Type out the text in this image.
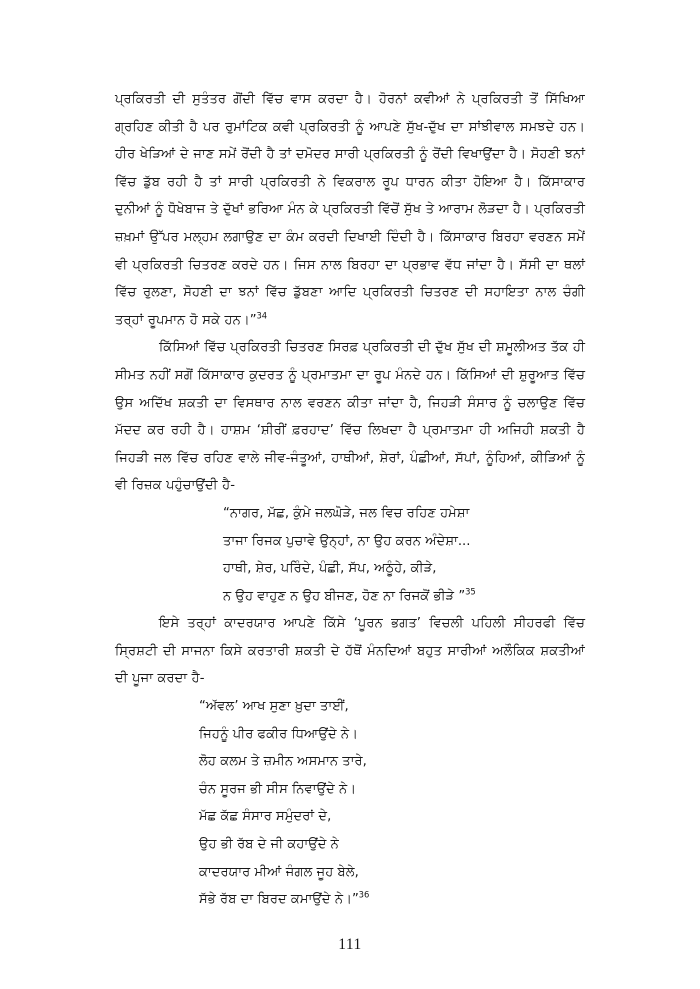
ਪ੍ਰਕਿਰਤੀ ਦੀ ਸੁਤੰਤਰ ਗੋਂਦੀ ਵਿੱਚ ਵਾਸ ਕਰਦਾ ਹੈ। ਹੋਰਨਾਂ ਕਵੀਆਂ ਨੇ ਪ੍ਰਕਿਰਤੀ ਤੋਂ ਸਿੱਖਿਆ ਗ੍ਰਹਿਣ ਕੀਤੀ ਹੈ ਪਰ ਰੁਮਾਂਟਿਕ ਕਵੀ ਪ੍ਰਕਿਰਤੀ ਨੂੰ ਆਪਣੇ ਸੁੱਖ-ਦੁੱਖ ਦਾ ਸਾਂਝੀਵਾਲ ਸਮਝਦੇ ਹਨ। ਹੀਰ ਖੇੜਿਆਂ ਦੇ ਜਾਣ ਸਮੇਂ ਰੋਂਦੀ ਹੈ ਤਾਂ ਦਮੋਦਰ ਸਾਰੀ ਪ੍ਰਕਿਰਤੀ ਨੂੰ ਰੋਂਦੀ ਵਿਖਾਉਂਦਾ ਹੈ। ਸੋਹਣੀ ਝਨਾਂ ਵਿੱਚ ਡੁੱਬ ਰਹੀ ਹੈ ਤਾਂ ਸਾਰੀ ਪ੍ਰਕਿਰਤੀ ਨੇ ਵਿਕਰਾਲ ਰੂਪ ਧਾਰਨ ਕੀਤਾ ਹੋਇਆ ਹੈ। ਕਿੱਸਾਕਾਰ ਦੁਨੀਆਂ ਨੂੰ ਧੋਖੇਬਾਜ ਤੇ ਦੁੱਖਾਂ ਭਰਿਆ ਮੰਨ ਕੇ ਪ੍ਰਕਿਰਤੀ ਵਿੱਚੋਂ ਸੁੱਖ ਤੇ ਆਰਾਮ ਲੋੜਦਾ ਹੈ। ਪ੍ਰਕਿਰਤੀ ਜ਼ਖ਼ਮਾਂ ਉੱਪਰ ਮਲ੍ਹਮ ਲਗਾਉਣ ਦਾ ਕੰਮ ਕਰਦੀ ਦਿਖਾਈ ਦਿੰਦੀ ਹੈ। ਕਿੱਸਾਕਾਰ ਬਿਰਹਾ ਵਰਣਨ ਸਮੇਂ ਵੀ ਪ੍ਰਕਿਰਤੀ ਚਿਤਰਣ ਕਰਦੇ ਹਨ। ਜਿਸ ਨਾਲ ਬਿਰਹਾ ਦਾ ਪ੍ਰਭਾਵ ਵੱਧ ਜਾਂਦਾ ਹੈ। ਸੱਸੀ ਦਾ ਥਲਾਂ ਵਿੱਚ ਰੁਲਣਾ, ਸੋਹਣੀ ਦਾ ਝਨਾਂ ਵਿੱਚ ਡੁੱਬਣਾ ਆਦਿ ਪ੍ਰਕਿਰਤੀ ਚਿਤਰਣ ਦੀ ਸਹਾਇਤਾ ਨਾਲ ਚੰਗੀ ਤਰ੍ਹਾਂ ਰੂਪਮਾਨ ਹੋ ਸਕੇ ਹਨ।”$^{34}$

ਕਿੱਸਿਆਂ ਵਿੱਚ ਪ੍ਰਕਿਰਤੀ ਚਿਤਰਣ ਸਿਰਫ਼ ਪ੍ਰਕਿਰਤੀ ਦੀ ਦੁੱਖ ਸੁੱਖ ਦੀ ਸ਼ਮੂਲੀਅਤ ਤੱਕ ਹੀ ਸੀਮਤ ਨਹੀਂ ਸਗੋਂ ਕਿੱਸਾਕਾਰ ਕੁਦਰਤ ਨੂੰ ਪ੍ਰਮਾਤਮਾ ਦਾ ਰੂਪ ਮੰਨਦੇ ਹਨ। ਕਿੱਸਿਆਂ ਦੀ ਸ਼ੁਰੂਆਤ ਵਿੱਚ ਉਸ ਅਦਿੱਖ ਸ਼ਕਤੀ ਦਾ ਵਿਸਥਾਰ ਨਾਲ ਵਰਣਨ ਕੀਤਾ ਜਾਂਦਾ ਹੈ, ਜਿਹੜੀ ਸੰਸਾਰ ਨੂੰ ਚਲਾਉਣ ਵਿੱਚ ਮੱਦਦ ਕਰ ਰਹੀ ਹੈ। ਹਾਸ਼ਮ ‘ਸ਼ੀਰੀਂ ਫ਼ਰਹਾਦ’ ਵਿੱਚ ਲਿਖਦਾ ਹੈ ਪ੍ਰਮਾਤਮਾ ਹੀ ਅਜਿਹੀ ਸ਼ਕਤੀ ਹੈ ਜਿਹੜੀ ਜਲ ਵਿੱਚ ਰਹਿਣ ਵਾਲੇ ਜੀਵ-ਜੰਤੂਆਂ, ਹਾਥੀਆਂ, ਸ਼ੇਰਾਂ, ਪੰਛੀਆਂ, ਸੱਪਾਂ, ਨੂੰਹਿਆਂ, ਕੀੜਿਆਂ ਨੂੰ ਵੀ ਰਿਜ਼ਕ ਪਹੁੰਚਾਉਂਦੀ ਹੈ-

“ਨਾਗਰ, ਮੱਛ, ਕੁੰਮੇ ਜਲਘੋੜੇ, ਜਲ ਵਿਚ ਰਹਿਣ ਹਮੇਸ਼ਾ

ਤਾਜਾ ਰਿਜਕ ਪੁਚਾਵੇ ਉਨ੍ਹਾਂ, ਨਾ ਉਹ ਕਰਨ ਅੰਦੇਸ਼ਾ...

ਹਾਥੀ, ਸ਼ੇਰ, ਪਰਿੰਦੇ, ਪੰਛੀ, ਸੱਪ, ਅਠੂੰਹੇ, ਕੀੜੇ,

ਨ ਉਹ ਵਾਹੁਣ ਨ ਉਹ ਬੀਜਣ, ਹੋਣ ਨਾ ਰਿਜਕੋਂ ਭੀੜੇ ”$^{35}$

ਇਸੇ ਤਰ੍ਹਾਂ ਕਾਦਰਯਾਰ ਆਪਣੇ ਕਿੱਸੇ ‘ਪੂਰਨ ਭਗਤ’ ਵਿਚਲੀ ਪਹਿਲੀ ਸੀਹਰਫੀ ਵਿੱਚ ਸ੍ਰਿਸ਼ਟੀ ਦੀ ਸਾਜਨਾ ਕਿਸੇ ਕਰਤਾਰੀ ਸ਼ਕਤੀ ਦੇ ਹੱਥੋਂ ਮੰਨਦਿਆਂ ਬਹੁਤ ਸਾਰੀਆਂ ਅਲੌਕਿਕ ਸ਼ਕਤੀਆਂ ਦੀ ਪੂਜਾ ਕਰਦਾ ਹੈ-

“ਅੱਵਲ’ ਆਖ ਸੁਣਾ ਖ਼ੁਦਾ ਤਾਈਂ,

ਜਿਹਨੂੰ ਪੀਰ ਫਕੀਰ ਧਿਆਉਂਦੇ ਨੇ।

ਲੋਹ ਕਲਮ ਤੇ ਜ਼ਮੀਨ ਅਸਮਾਨ ਤਾਰੇ,

ਚੰਨ ਸੂਰਜ ਭੀ ਸੀਸ ਨਿਵਾਉਂਦੇ ਨੇ।

ਮੱਛ ਕੱਛ ਸੰਸਾਰ ਸਮੁੰਦਰਾਂ ਦੇ,

ਉਹ ਭੀ ਰੱਬ ਦੇ ਜੀ ਕਹਾਉਂਦੇ ਨੇ

ਕਾਦਰਯਾਰ ਮੀਆਂ ਜੰਗਲ ਜੂਹ ਬੇਲੇ,

ਸੱਭੇ ਰੱਬ ਦਾ ਬਿਰਦ ਕਮਾਉਂਦੇ ਨੇ।”$^{36}$

111
